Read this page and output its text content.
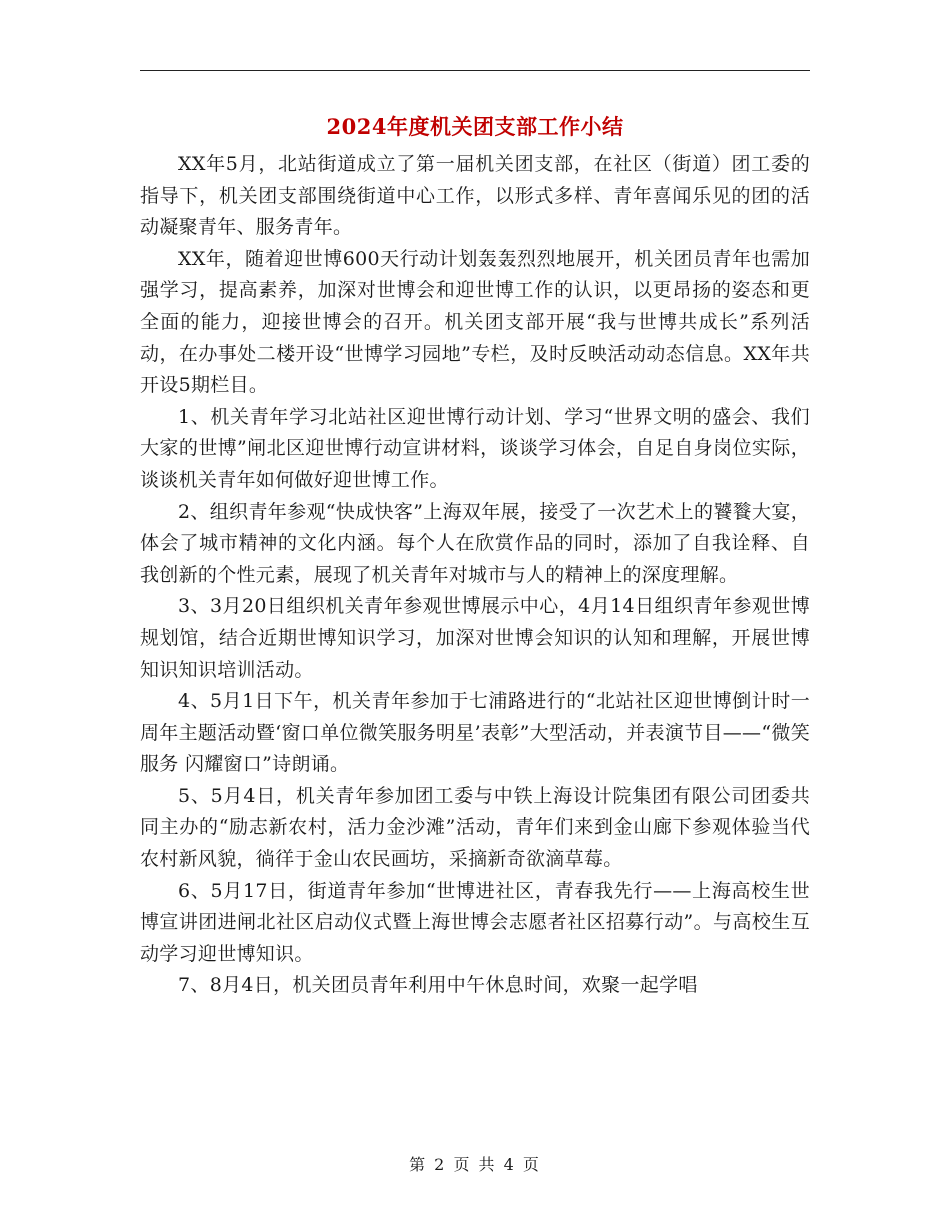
2024年度机关团支部工作小结

XX年5月，北站街道成立了第一届机关团支部，在社区（街道）团工委的指导下，机关团支部围绕街道中心工作，以形式多样、青年喜闻乐见的团的活动凝聚青年、服务青年。

XX年，随着迎世博600天行动计划轰轰烈烈地展开，机关团员青年也需加强学习，提高素养，加深对世博会和迎世博工作的认识，以更昂扬的姿态和更全面的能力，迎接世博会的召开。机关团支部开展“我与世博共成长”系列活动，在办事处二楼开设“世博学习园地”专栏，及时反映活动动态信息。XX年共开设5期栏目。

1、机关青年学习北站社区迎世博行动计划、学习“世界文明的盛会、我们大家的世博”闸北区迎世博行动宣讲材料，谈谈学习体会，自足自身岗位实际，谈谈机关青年如何做好迎世博工作。

2、组织青年参观“快成快客”上海双年展，接受了一次艺术上的饕餮大宴，体会了城市精神的文化内涵。每个人在欣赏作品的同时，添加了自我诠释、自我创新的个性元素，展现了机关青年对城市与人的精神上的深度理解。

3、3月20日组织机关青年参观世博展示中心，4月14日组织青年参观世博规划馆，结合近期世博知识学习，加深对世博会知识的认知和理解，开展世博知识知识培训活动。

4、5月1日下午，机关青年参加于七浦路进行的“北站社区迎世博倒计时一周年主题活动暨‘窗口单位微笑服务明星’表彰”大型活动，并表演节目——“微笑服务 闪耀窗口”诗朗诵。

5、5月4日，机关青年参加团工委与中铁上海设计院集团有限公司团委共同主办的“励志新农村，活力金沙滩”活动，青年们来到金山廊下参观体验当代农村新风貌，徜徉于金山农民画坊，采摘新奇欲滴草莓。

6、5月17日，街道青年参加“世博进社区，青春我先行——上海高校生世博宣讲团进闸北社区启动仪式暨上海世博会志愿者社区招募行动”。与高校生互动学习迎世博知识。

7、8月4日，机关团员青年利用中午休息时间，欢聚一起学唱

第 2 页 共 4 页
